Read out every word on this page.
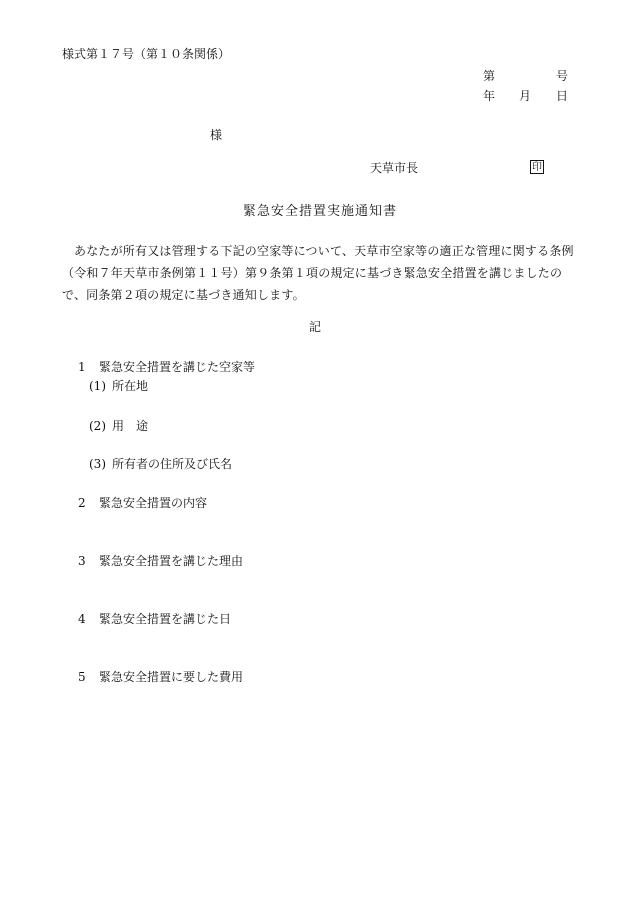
様式第１７号（第１０条関係）
第	号
年 月 日
様
天草市長	印
緊急安全措置実施通知書
あなたが所有又は管理する下記の空家等について、天草市空家等の適正な管理に関する条例（令和７年天草市条例第１１号）第９条第１項の規定に基づき緊急安全措置を講じましたので、同条第２項の規定に基づき通知します。
記
1 緊急安全措置を講じた空家等
(1) 所在地
(2) 用　途
(3) 所有者の住所及び氏名
2 緊急安全措置の内容
3 緊急安全措置を講じた理由
4 緊急安全措置を講じた日
5 緊急安全措置に要した費用
